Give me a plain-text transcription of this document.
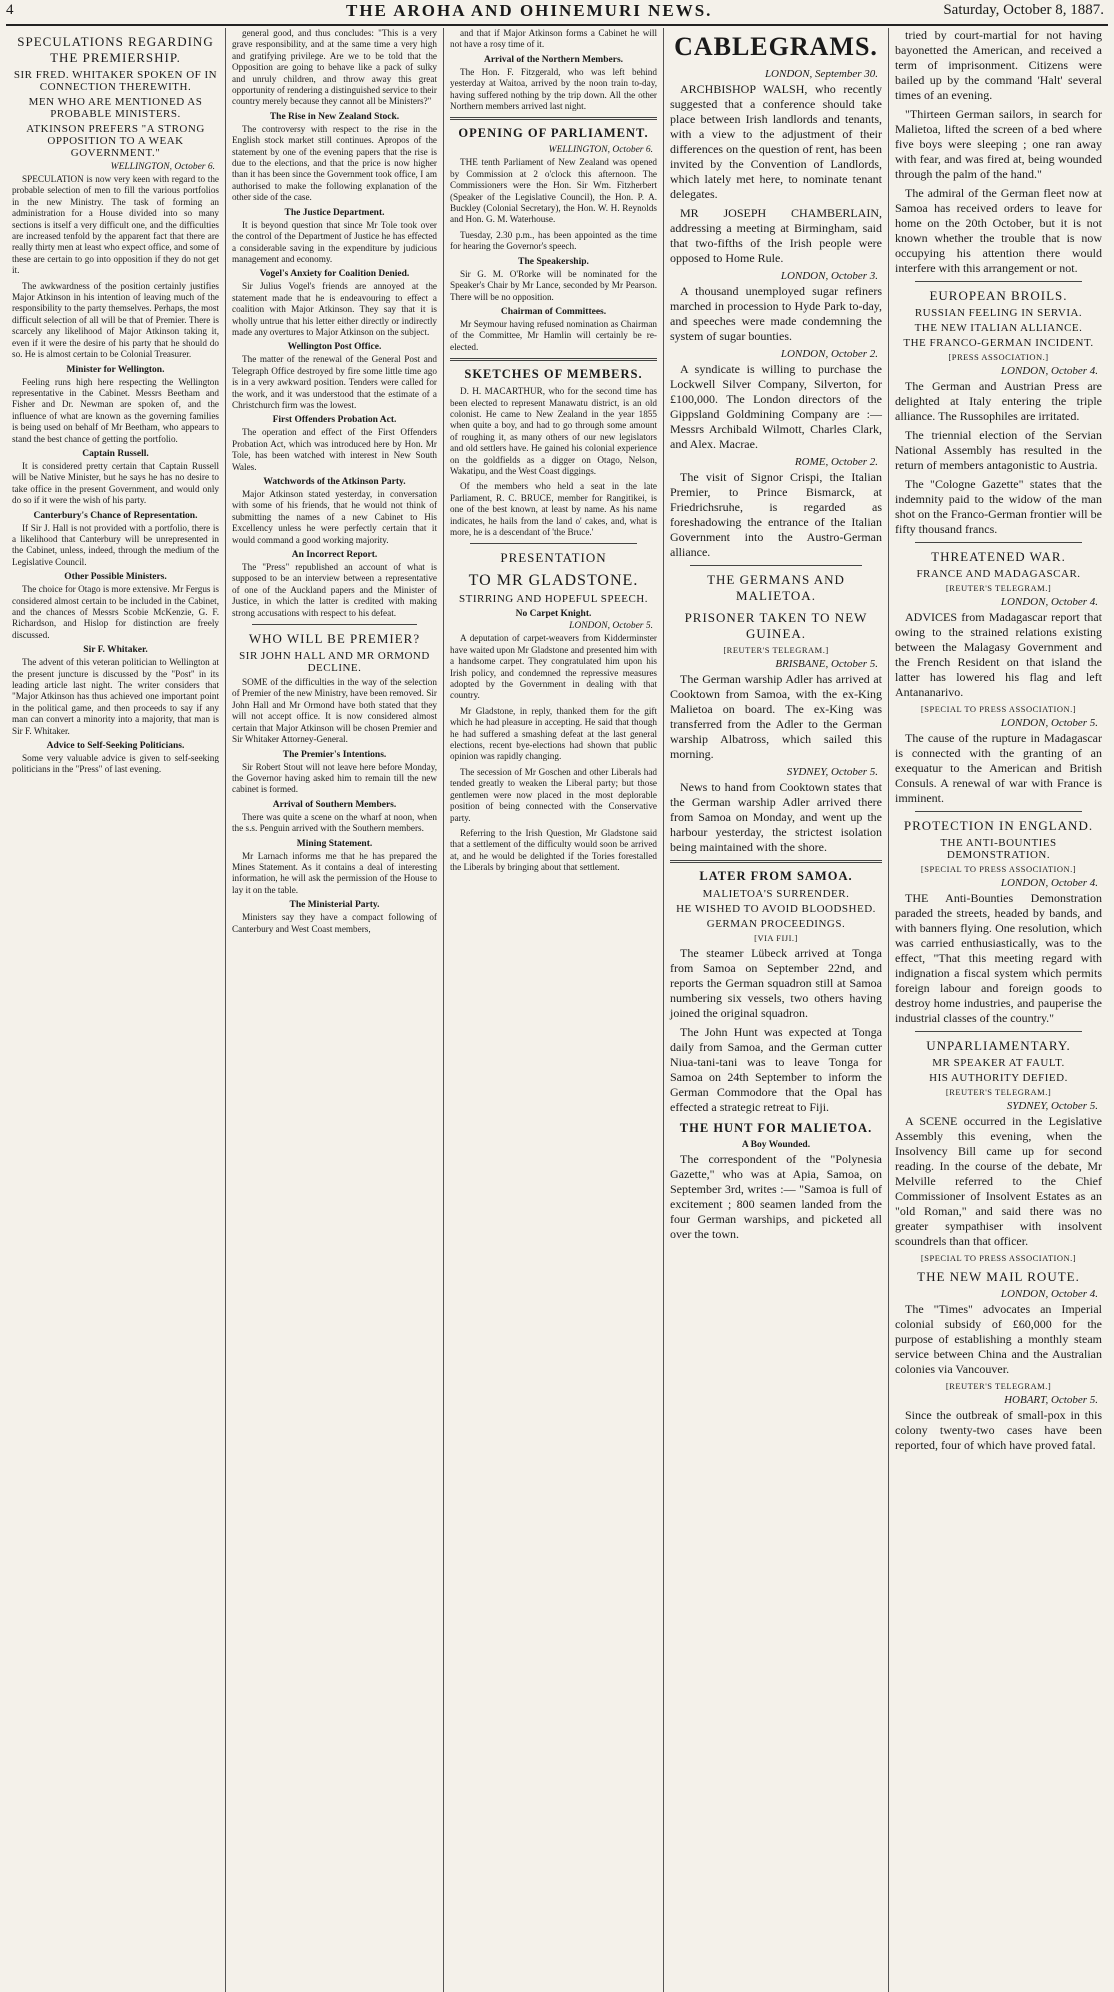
4	THE AROHA AND OHINEMURI NEWS.	Saturday, October 8, 1887.
SPECULATIONS REGARDING THE PREMIERSHIP.
SIR FRED. WHITAKER SPOKEN OF IN CONNECTION THEREWITH.
MEN WHO ARE MENTIONED AS PROBABLE MINISTERS.
ATKINSON PREFERS "A STRONG OPPOSITION TO A WEAK GOVERNMENT."
WELLINGTON, October 6.

SPECULATION is now very keen with regard to the probable selection of men to fill the various portfolios in the new Ministry. The task of forming an administration for a House divided into so many sections is itself a very difficult one, and the difficulties are increased tenfold by the apparent fact that there are really thirty men at least who expect office, and some of these are certain to go into opposition if they do not get it.

The awkwardness of the position certainly justifies Major Atkinson in his intention of leaving much of the responsibility to the party themselves. Perhaps, the most difficult selection of all will be that of Premier. There is scarcely any likelihood of Major Atkinson taking it, even if it were the desire of his party that he should do so. He is almost certain to be Colonial Treasurer.

Minister for Wellington.

Feeling runs high here respecting the Wellington representative in the Cabinet. Messrs Beetham and Fisher and Dr. Newman are spoken of, and the influence of what are known as the governing families is being used on behalf of Mr Beetham, who appears to stand the best chance of getting the portfolio.

Captain Russell.

It is considered pretty certain that Captain Russell will be Native Minister, but he says he has no desire to take office in the present Government, and would only do so if it were the wish of his party.

Canterbury's Chance of Representation.

If Sir J. Hall is not provided with a portfolio, there is a likelihood that Canterbury will be unrepresented in the Cabinet, unless, indeed, through the medium of the Legislative Council.

Other Possible Ministers.

The choice for Otago is more extensive. Mr Fergus is considered almost certain to be included in the Cabinet, and the chances of Messrs Scobie McKenzie, G. F. Richardson, and Hislop for distinction are freely discussed.

Sir F. Whitaker.

The advent of this veteran politician to Wellington at the present juncture is discussed by the "Post" in its leading article last night. The writer considers that "Major Atkinson has thus achieved one important point in the political game, and then proceeds to say if any man can convert a minority into a majority, that man is Sir F. Whitaker.

Advice to Self-Seeking Politicians.

Some very valuable advice is given to self-seeking politicians in the "Press" of last evening.

general good, and thus concludes: "This is a very grave responsibility, and at the same time a very high and gratifying privilege. Are we to be told that the Opposition are going to behave like a pack of sulky and unruly children, and throw away this great opportunity of rendering a distinguished service to their country merely because they cannot all be Ministers?"

The Rise in New Zealand Stock.

The controversy with respect to the rise in the English stock market still continues. Apropos of the statement by one of the evening papers that the rise is due to the elections, and that the price is now higher than it has been since the Government took office, I am authorised to make the following explanation of the other side of the case.

The Justice Department.

It is beyond question that since Mr Tole took over the control of the Department of Justice he has effected a considerable saving in the expenditure by judicious management and economy.

Vogel's Anxiety for Coalition Denied.

Sir Julius Vogel's friends are annoyed at the statement made that he is endeavouring to effect a coalition with Major Atkinson. They say that it is wholly untrue that his letter either directly or indirectly made any overtures to Major Atkinson on the subject.

Wellington Post Office.

The matter of the renewal of the General Post and Telegraph Office destroyed by fire some little time ago is in a very awkward position. Tenders were called for the work, and it was understood that the estimate of a Christchurch firm was the lowest.

First Offenders Probation Act.

The operation and effect of the First Offenders Probation Act, which was introduced here by Hon. Mr Tole, has been watched with interest in New South Wales.

Watchwords of the Atkinson Party.

Major Atkinson stated yesterday, in conversation with some of his friends, that he would not think of submitting the names of a new Cabinet to His Excellency unless he were perfectly certain that it would command a good working majority.

An Incorrect Report.

The "Press" republished an account of what is supposed to be an interview between a representative of one of the Auckland papers and the Minister of Justice, in which the latter is credited with making strong accusations with respect to his defeat.

WHO WILL BE PREMIER?
SIR JOHN HALL AND MR ORMOND DECLINE.

SOME of the difficulties in the way of the selection of Premier of the new Ministry, have been removed. Sir John Hall and Mr Ormond have both stated that they will not accept office. It is now considered almost certain that Major Atkinson will be chosen Premier and Sir Whitaker Attorney-General.

The Premier's Intentions.

Sir Robert Stout will not leave here before Monday, the Governor having asked him to remain till the new cabinet is formed.

Arrival of Southern Members.

There was quite a scene on the wharf at noon, when the s.s. Penguin arrived with the Southern members.

Mining Statement.

Mr Larnach informs me that he has prepared the Mines Statement. As it contains a deal of interesting information, he will ask the permission of the House to lay it on the table.

The Ministerial Party.

Ministers say they have a compact following of Canterbury and West Coast members,

and that if Major Atkinson forms a Cabinet he will not have a rosy time of it.

Arrival of the Northern Members.

The Hon. F. Fitzgerald, who was left behind yesterday at Waitoa, arrived by the noon train to-day, having suffered nothing by the trip down. All the other Northern members arrived last night.

OPENING OF PARLIAMENT.
WELLINGTON, October 6.

THE tenth Parliament of New Zealand was opened by Commission at 2 o'clock this afternoon. The Commissioners were the Hon. Sir Wm. Fitzherbert (Speaker of the Legislative Council), the Hon. P. A. Buckley (Colonial Secretary), the Hon. W. H. Reynolds and Hon. G. M. Waterhouse.

Tuesday, 2.30 p.m., has been appointed as the time for hearing the Governor's speech.

The Speakership.

Sir G. M. O'Rorke will be nominated for the Speaker's Chair by Mr Lance, seconded by Mr Pearson. There will be no opposition.

Chairman of Committees.

Mr Seymour having refused nomination as Chairman of the Committee, Mr Hamlin will certainly be re-elected.

SKETCHES OF MEMBERS.

D. H. MACARTHUR, who for the second time has been elected to represent Manawatu district, is an old colonist. He came to New Zealand in the year 1855 when quite a boy, and had to go through some amount of roughing it, as many others of our new legislators and old settlers have. He gained his colonial experience on the goldfields as a digger on Otago, Nelson, Wakatipu, and the West Coast diggings.

Of the members who held a seat in the late Parliament, R. C. BRUCE, member for Rangitikei, is one of the best known, at least by name. As his name indicates, he hails from the land o' cakes, and, what is more, he is a descendant of 'the Bruce.'

PRESENTATION
TO MR GLADSTONE.
STIRRING AND HOPEFUL SPEECH.
No Carpet Knight.
LONDON, October 5.

A deputation of carpet-weavers from Kidderminster have waited upon Mr Gladstone and presented him with a handsome carpet. They congratulated him upon his Irish policy, and condemned the repressive measures adopted by the Government in dealing with that country.

Mr Gladstone, in reply, thanked them for the gift which he had pleasure in accepting. He said that though he had suffered a smashing defeat at the last general elections, recent bye-elections had shown that public opinion was rapidly changing.

The secession of Mr Goschen and other Liberals had tended greatly to weaken the Liberal party; but those gentlemen were now placed in the most deplorable position of being connected with the Conservative party.

Referring to the Irish Question, Mr Gladstone said that a settlement of the difficulty would soon be arrived at, and he would be delighted if the Tories forestalled the Liberals by bringing about that settlement.

CABLEGRAMS.
LONDON, September 30.

ARCHBISHOP WALSH, who recently suggested that a conference should take place between Irish landlords and tenants, with a view to the adjustment of their differences on the question of rent, has been invited by the Convention of Landlords, which lately met here, to nominate tenant delegates.

MR JOSEPH CHAMBERLAIN, addressing a meeting at Birmingham, said that two-fifths of the Irish people were opposed to Home Rule.

LONDON, October 3.

A thousand unemployed sugar refiners marched in procession to Hyde Park to-day, and speeches were made condemning the system of sugar bounties.

LONDON, October 2.

A syndicate is willing to purchase the Lockwell Silver Company, Silverton, for £100,000. The London directors of the Gippsland Goldmining Company are :—Messrs Archibald Wilmott, Charles Clark, and Alex. Macrae.

ROME, October 2.

The visit of Signor Crispi, the Italian Premier, to Prince Bismarck, at Friedrichsruhe, is regarded as foreshadowing the entrance of the Italian Government into the Austro-German alliance.

THE GERMANS AND MALIETOA.
PRISONER TAKEN TO NEW GUINEA.
[REUTER'S TELEGRAM.]
BRISBANE, October 5.

The German warship Adler has arrived at Cooktown from Samoa, with the ex-King Malietoa on board. The ex-King was transferred from the Adler to the German warship Albatross, which sailed this morning.

SYDNEY, October 5.

News to hand from Cooktown states that the German warship Adler arrived there from Samoa on Monday, and went up the harbour yesterday, the strictest isolation being maintained with the shore.

LATER FROM SAMOA.
MALIETOA'S SURRENDER.
HE WISHED TO AVOID BLOODSHED.
GERMAN PROCEEDINGS.
[VIA FIJI.]

The steamer Lübeck arrived at Tonga from Samoa on September 22nd, and reports the German squadron still at Samoa numbering six vessels, two others having joined the original squadron.

The John Hunt was expected at Tonga daily from Samoa, and the German cutter Niua-tani-tani was to leave Tonga for Samoa on 24th September to inform the German Commodore that the Opal has effected a strategic retreat to Fiji.

THE HUNT FOR MALIETOA.
A Boy Wounded.

The correspondent of the "Polynesia Gazette," who was at Apia, Samoa, on September 3rd, writes :— "Samoa is full of excitement ; 800 seamen landed from the four German warships, and picketed all over the town.

tried by court-martial for not having bayonetted the American, and received a term of imprisonment. Citizens were bailed up by the command 'Halt' several times of an evening.

"Thirteen German sailors, in search for Malietoa, lifted the screen of a bed where five boys were sleeping ; one ran away with fear, and was fired at, being wounded through the palm of the hand."

The admiral of the German fleet now at Samoa has received orders to leave for home on the 20th October, but it is not known whether the trouble that is now occupying his attention there would interfere with this arrangement or not.

EUROPEAN BROILS.
RUSSIAN FEELING IN SERVIA.
THE NEW ITALIAN ALLIANCE.
THE FRANCO-GERMAN INCIDENT.
[PRESS ASSOCIATION.]
LONDON, October 4.

The German and Austrian Press are delighted at Italy entering the triple alliance. The Russophiles are irritated.

The triennial election of the Servian National Assembly has resulted in the return of members antagonistic to Austria.

The "Cologne Gazette" states that the indemnity paid to the widow of the man shot on the Franco-German frontier will be fifty thousand francs.

THREATENED WAR.
FRANCE AND MADAGASCAR.
[REUTER'S TELEGRAM.]
LONDON, October 4.

ADVICES from Madagascar report that owing to the strained relations existing between the Malagasy Government and the French Resident on that island the latter has lowered his flag and left Antananarivo.

[SPECIAL TO PRESS ASSOCIATION.]
LONDON, October 5.

The cause of the rupture in Madagascar is connected with the granting of an exequatur to the American and British Consuls. A renewal of war with France is imminent.

PROTECTION IN ENGLAND.
THE ANTI-BOUNTIES DEMONSTRATION.
[SPECIAL TO PRESS ASSOCIATION.]
LONDON, October 4.

THE Anti-Bounties Demonstration paraded the streets, headed by bands, and with banners flying. One resolution, which was carried enthusiastically, was to the effect, "That this meeting regard with indignation a fiscal system which permits foreign labour and foreign goods to destroy home industries, and pauperise the industrial classes of the country."

UNPARLIAMENTARY.
MR SPEAKER AT FAULT.
HIS AUTHORITY DEFIED.
[REUTER'S TELEGRAM.]
SYDNEY, October 5.

A SCENE occurred in the Legislative Assembly this evening, when the Insolvency Bill came up for second reading. In the course of the debate, Mr Melville referred to the Chief Commissioner of Insolvent Estates as an "old Roman," and said there was no greater sympathiser with insolvent scoundrels than that officer.

[SPECIAL TO PRESS ASSOCIATION.]
THE NEW MAIL ROUTE.
LONDON, October 4.

The "Times" advocates an Imperial colonial subsidy of £60,000 for the purpose of establishing a monthly steam service between China and the Australian colonies via Vancouver.

[REUTER'S TELEGRAM.]
HOBART, October 5.

Since the outbreak of small-pox in this colony twenty-two cases have been reported, four of which have proved fatal.
